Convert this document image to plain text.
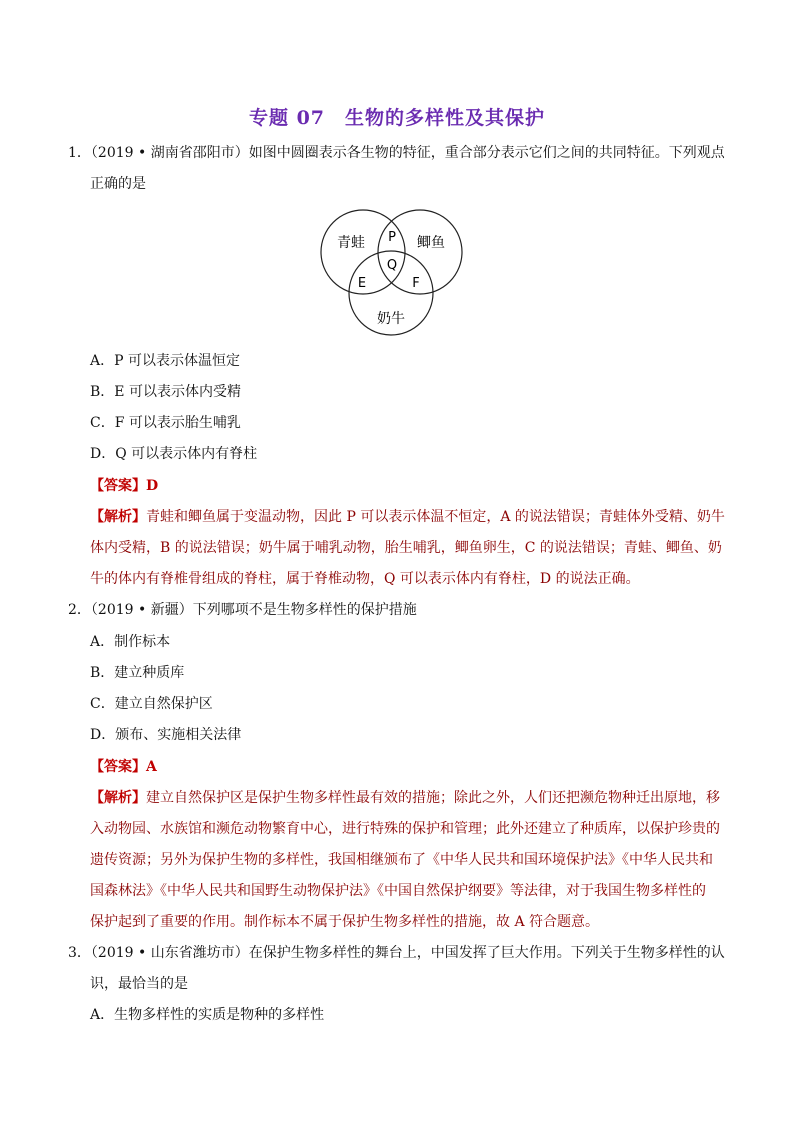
专题 07　生物的多样性及其保护
1．（2019 • 湖南省邵阳市）如图中圆圈表示各生物的特征，重合部分表示它们之间的共同特征。下列观点
正确的是
青蛙	鲫鱼
奶牛
P
Q
E	F
A．P 可以表示体温恒定
B．E 可以表示体内受精
C．F 可以表示胎生哺乳
D．Q 可以表示体内有脊柱
【答案】D
【解析】青蛙和鲫鱼属于变温动物，因此 P 可以表示体温不恒定，A 的说法错误；青蛙体外受精、奶牛
体内受精，B 的说法错误；奶牛属于哺乳动物，胎生哺乳，鲫鱼卵生，C 的说法错误；青蛙、鲫鱼、奶
牛的体内有脊椎骨组成的脊柱，属于脊椎动物，Q 可以表示体内有脊柱，D 的说法正确。
2．（2019 • 新疆）下列哪项不是生物多样性的保护措施
A．制作标本
B．建立种质库
C．建立自然保护区
D．颁布、实施相关法律
【答案】A
【解析】建立自然保护区是保护生物多样性最有效的措施；除此之外，人们还把濒危物种迁出原地，移
入动物园、水族馆和濒危动物繁育中心，进行特殊的保护和管理；此外还建立了种质库，以保护珍贵的
遗传资源；另外为保护生物的多样性，我国相继颁布了《中华人民共和国环境保护法》《中华人民共和
国森林法》《中华人民共和国野生动物保护法》《中国自然保护纲要》等法律，对于我国生物多样性的
保护起到了重要的作用。制作标本不属于保护生物多样性的措施，故 A 符合题意。
3．（2019 • 山东省潍坊市）在保护生物多样性的舞台上，中国发挥了巨大作用。下列关于生物多样性的认
识，最恰当的是
A．生物多样性的实质是物种的多样性
